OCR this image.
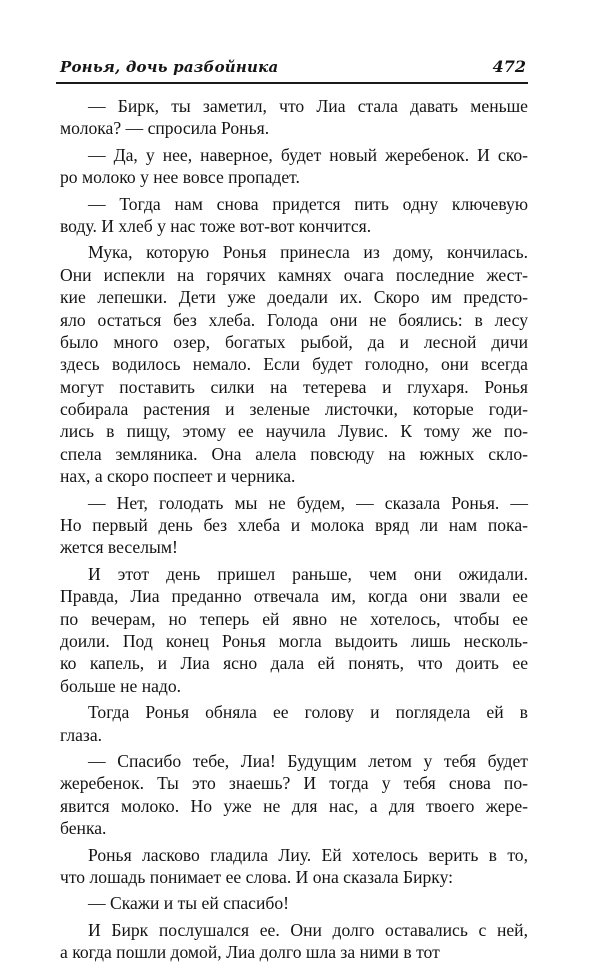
Ронья, дочь разбойника	472
— Бирк, ты заметил, что Лиа стала давать меньше
молока? — спросила Ронья.
— Да, у нее, наверное, будет новый жеребенок. И ско-
ро молоко у нее вовсе пропадет.
— Тогда нам снова придется пить одну ключевую
воду. И хлеб у нас тоже вот-вот кончится.
Мука, которую Ронья принесла из дому, кончилась.
Они испекли на горячих камнях очага последние жест-
кие лепешки. Дети уже доедали их. Скоро им предсто-
яло остаться без хлеба. Голода они не боялись: в лесу
было много озер, богатых рыбой, да и лесной дичи
здесь водилось немало. Если будет голодно, они всегда
могут поставить силки на тетерева и глухаря. Ронья
собирала растения и зеленые листочки, которые годи-
лись в пищу, этому ее научила Лувис. К тому же по-
спела земляника. Она алела повсюду на южных скло-
нах, а скоро поспеет и черника.
— Нет, голодать мы не будем, — сказала Ронья. —
Но первый день без хлеба и молока вряд ли нам пока-
жется веселым!
И этот день пришел раньше, чем они ожидали.
Правда, Лиа преданно отвечала им, когда они звали ее
по вечерам, но теперь ей явно не хотелось, чтобы ее
доили. Под конец Ронья могла выдоить лишь несколь-
ко капель, и Лиа ясно дала ей понять, что доить ее
больше не надо.
Тогда Ронья обняла ее голову и поглядела ей в
глаза.
— Спасибо тебе, Лиа! Будущим летом у тебя будет
жеребенок. Ты это знаешь? И тогда у тебя снова по-
явится молоко. Но уже не для нас, а для твоего жере-
бенка.
Ронья ласково гладила Лиу. Ей хотелось верить в то,
что лошадь понимает ее слова. И она сказала Бирку:
— Скажи и ты ей спасибо!
И Бирк послушался ее. Они долго оставались с ней,
а когда пошли домой, Лиа долго шла за ними в тот
